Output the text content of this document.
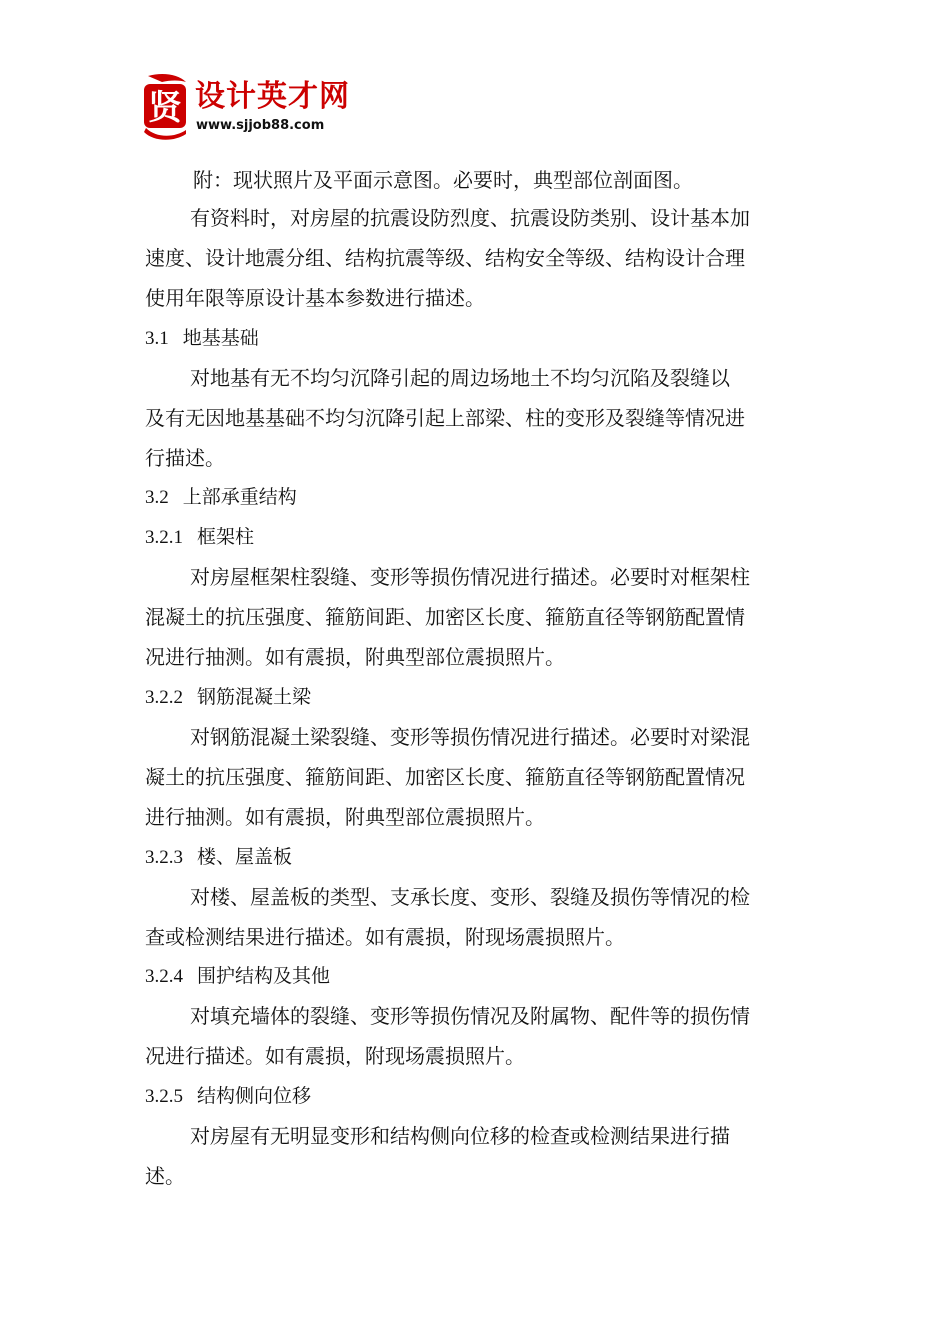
贤 设计英才网
www.sjjob88.com
附：现状照片及平面示意图。必要时，典型部位剖面图。
有资料时，对房屋的抗震设防烈度、抗震设防类别、设计基本加
速度、设计地震分组、结构抗震等级、结构安全等级、结构设计合理
使用年限等原设计基本参数进行描述。
3.1 地基基础
对地基有无不均匀沉降引起的周边场地土不均匀沉陷及裂缝以
及有无因地基基础不均匀沉降引起上部梁、柱的变形及裂缝等情况进
行描述。
3.2 上部承重结构
3.2.1 框架柱
对房屋框架柱裂缝、变形等损伤情况进行描述。必要时对框架柱
混凝土的抗压强度、箍筋间距、加密区长度、箍筋直径等钢筋配置情
况进行抽测。如有震损，附典型部位震损照片。
3.2.2 钢筋混凝土梁
对钢筋混凝土梁裂缝、变形等损伤情况进行描述。必要时对梁混
凝土的抗压强度、箍筋间距、加密区长度、箍筋直径等钢筋配置情况
进行抽测。如有震损，附典型部位震损照片。
3.2.3 楼、屋盖板
对楼、屋盖板的类型、支承长度、变形、裂缝及损伤等情况的检
查或检测结果进行描述。如有震损，附现场震损照片。
3.2.4 围护结构及其他
对填充墙体的裂缝、变形等损伤情况及附属物、配件等的损伤情
况进行描述。如有震损，附现场震损照片。
3.2.5 结构侧向位移
对房屋有无明显变形和结构侧向位移的检查或检测结果进行描
述。
